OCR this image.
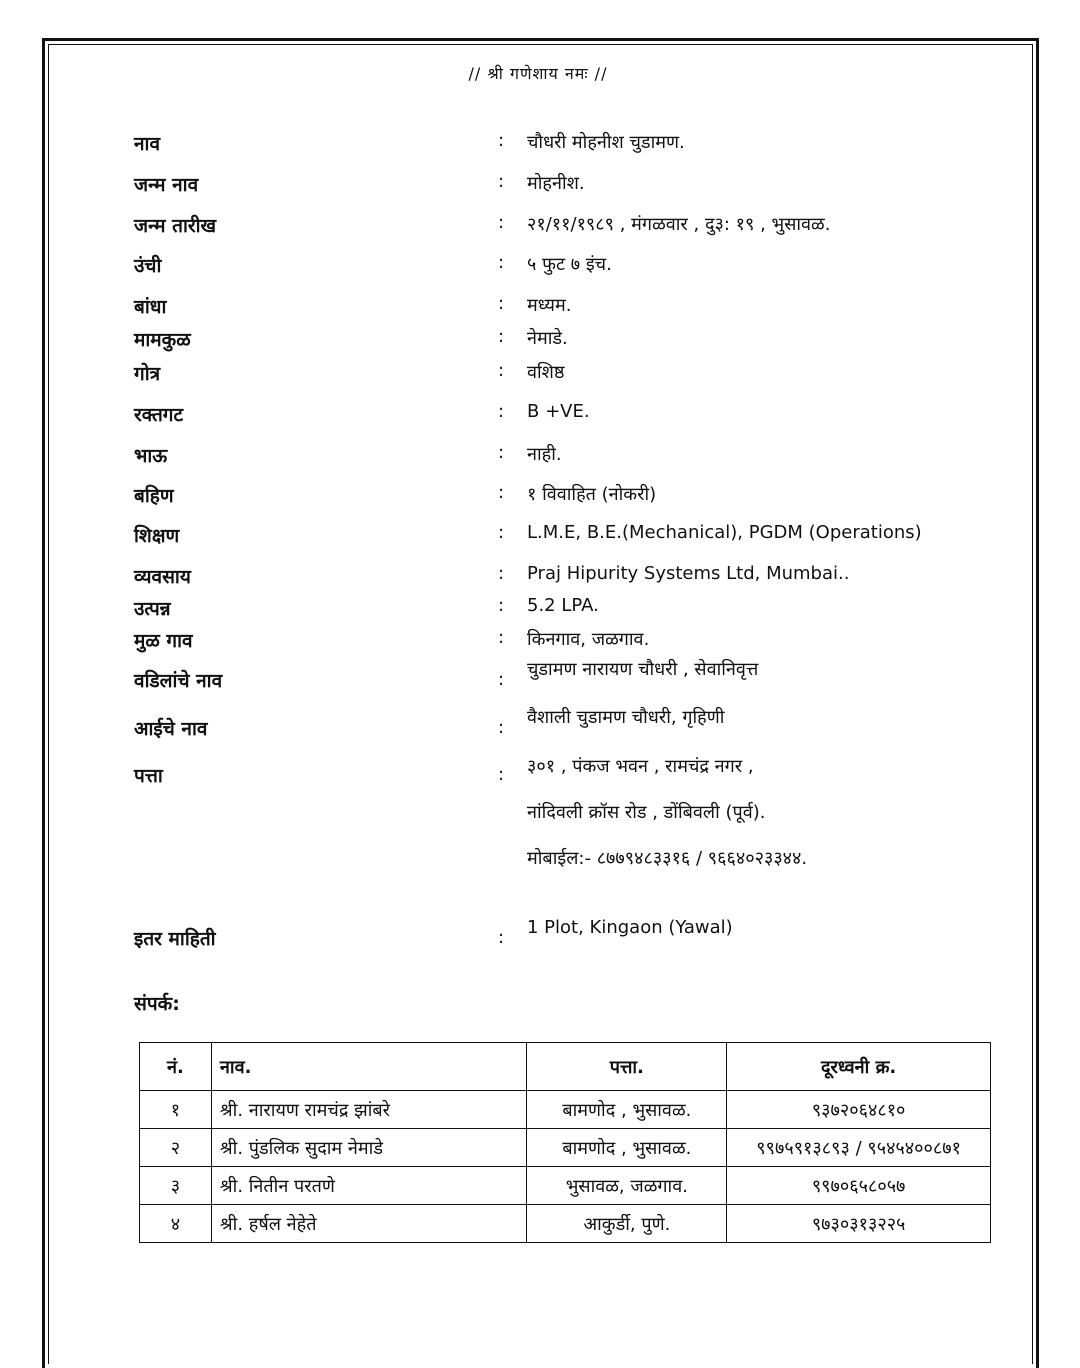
// श्री गणेशाय नमः //
नाव	: चौधरी मोहनीश चुडामण.
जन्म नाव	: मोहनीश.
जन्म तारीख	: २१/११/१९८९ , मंगळवार , दु३: १९ , भुसावळ.
उंची	: ५ फुट ७ इंच.
बांधा	: मध्यम.
मामकुळ	: नेमाडे.
गोत्र	: वशिष्ठ
रक्तगट	: B +VE.
भाऊ	: नाही.
बहिण	: १ विवाहित (नोकरी)
शिक्षण	: L.M.E, B.E.(Mechanical), PGDM (Operations)
व्यवसाय	: Praj Hipurity Systems Ltd, Mumbai..
उत्पन्न	: 5.2 LPA.
मुळ गाव	: किनगाव, जळगाव.
वडिलांचे नाव	: चुडामण नारायण चौधरी , सेवानिवृत्त
आईचे नाव	: वैशाली चुडामण चौधरी, गृहिणी
पत्ता	: ३०१ , पंकज भवन , रामचंद्र नगर ,
नांदिवली क्रॉस रोड , डोंबिवली (पूर्व).
मोबाईल:- ८७७९४८३३१६ / ९६६४०२३३४४.
इतर माहिती	: 1 Plot, Kingaon (Yawal)
संपर्क:
नं.	नाव.	पत्ता.	दूरध्वनी क्र.
१	श्री. नारायण रामचंद्र झांबरे	बामणोद , भुसावळ.	९३७२०६४८१०
२	श्री. पुंडलिक सुदाम नेमाडे	बामणोद , भुसावळ.	९९७५९१३८९३ / ९५४५४००८७१
३	श्री. नितीन परतणे	भुसावळ, जळगाव.	९९७०६५८०५७
४	श्री. हर्षल नेहेते	आकुर्डी, पुणे.	९७३०३१३२२५
